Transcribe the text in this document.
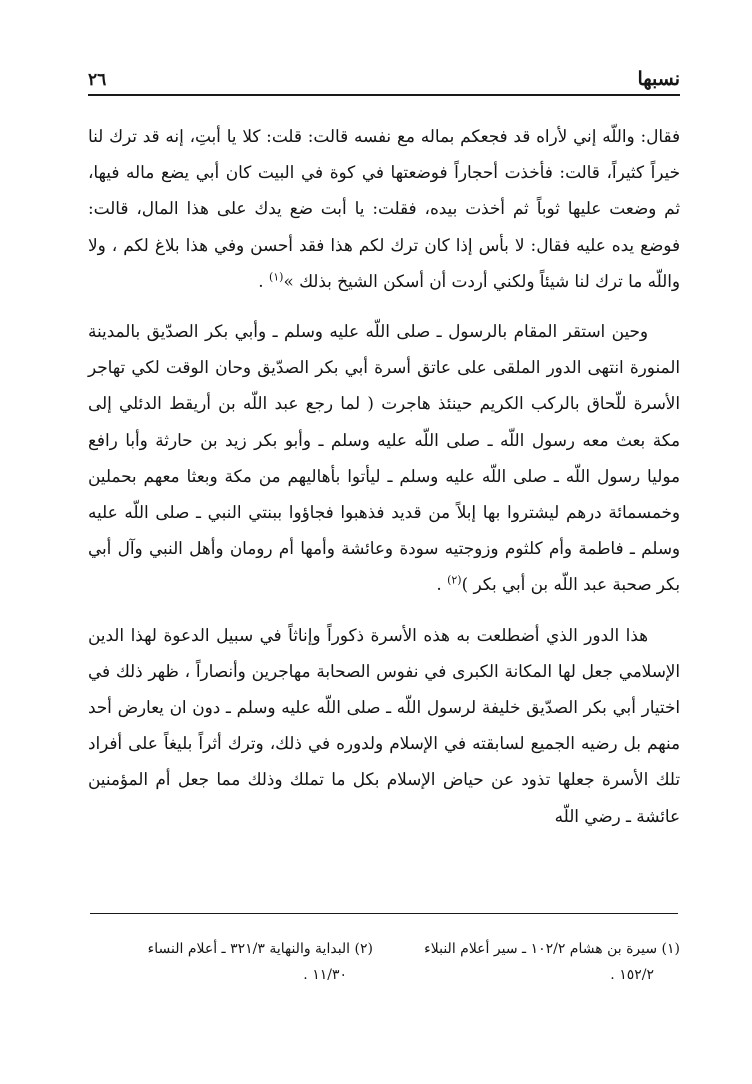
نسبها
٢٦

فقال: واللّه إني لأراه قد فجعكم بماله مع نفسه قالت: قلت: كلا يا أبتِ، إنه قد ترك لنا خيراً كثيراً، قالت: فأخذت أحجاراً فوضعتها في كوة في البيت كان أبي يضع ماله فيها، ثم وضعت عليها ثوباً ثم أخذت بيده، فقلت: يا أبت ضع يدك على هذا المال، قالت: فوضع يده عليه فقال: لا بأس إذا كان ترك لكم هذا فقد أحسن وفي هذا بلاغ لكم ، ولا واللّه ما ترك لنا شيئاً ولكني أردت أن أسكن الشيخ بذلك »$^{(١)}$ .

وحين استقر المقام بالرسول ـ صلى اللّه عليه وسلم ـ وأبي بكر الصدّيق بالمدينة المنورة انتهى الدور الملقى على عاتق أسرة أبي بكر الصدّيق وحان الوقت لكي تهاجر الأسرة للّحاق بالركب الكريم حينئذ هاجرت ( لما رجع عبد اللّه بن أريقط الدئلي إلى مكة بعث معه رسول اللّه ـ صلى اللّه عليه وسلم ـ وأبو بكر زيد بن حارثة وأبا رافع موليا رسول اللّه ـ صلى اللّه عليه وسلم ـ ليأتوا بأهاليهم من مكة وبعثا معهم بحملين وخمسمائة درهم ليشتروا بها إبلاً من قديد فذهبوا فجاؤوا ببنتي النبي ـ صلى اللّه عليه وسلم ـ فاطمة وأم كلثوم وزوجتيه سودة وعائشة وأمها أم رومان وأهل النبي وآل أبي بكر صحبة عبد اللّه بن أبي بكر )$^{(٢)}$ .

هذا الدور الذي أضطلعت به هذه الأسرة ذكوراً وإناثاً في سبيل الدعوة لهذا الدين الإسلامي جعل لها المكانة الكبرى في نفوس الصحابة مهاجرين وأنصاراً ، ظهر ذلك في اختيار أبي بكر الصدّيق خليفة لرسول اللّه ـ صلى اللّه عليه وسلم ـ دون ان يعارض أحد منهم بل رضيه الجميع لسابقته في الإسلام ولدوره في ذلك، وترك أثراً بليغاً على أفراد تلك الأسرة جعلها تذود عن حياض الإسلام بكل ما تملك وذلك مما جعل أم المؤمنين عائشة ـ رضي اللّه

(١) سيرة بن هشام ١٠٢/٢ ـ سير أعلام النبلاء
١٥٢/٢ .

(٢) البداية والنهاية ٣٢١/٣ ـ أعلام النساء
١١/٣٠ .
